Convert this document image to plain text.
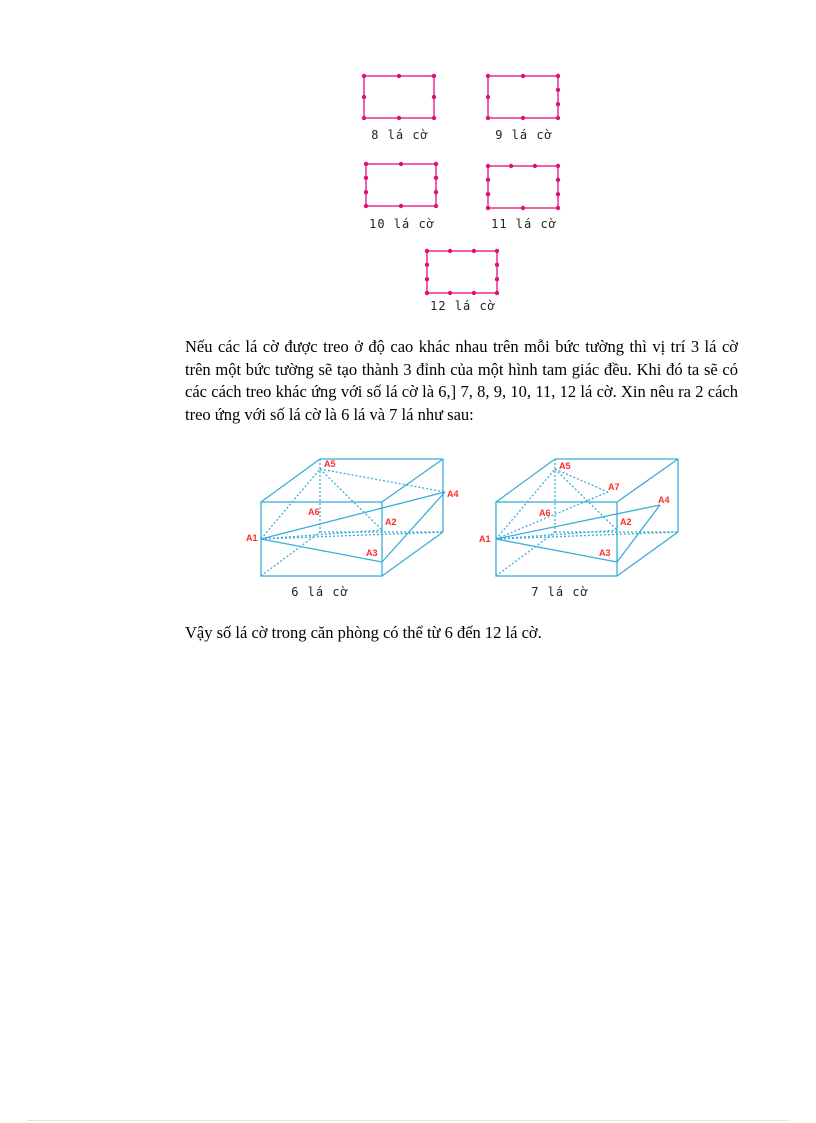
8 lá cờ	9 lá cờ
10 lá cờ	11 lá cờ
12 lá cờ
Nếu các lá cờ được treo ở độ cao khác nhau trên mỗi bức tường thì vị trí 3 lá cờ trên một bức tường sẽ tạo thành 3 đỉnh của một hình tam giác đều. Khi đó ta sẽ có các cách treo khác ứng với số lá cờ là 6,] 7, 8, 9, 10, 11, 12 lá cờ. Xin nêu ra 2 cách treo ứng với số lá cờ là 6 lá và 7 lá như sau:
A1
A2
A3
A4
A5
A6
6 lá cờ
A1
A2
A3
A4
A5
A6
A7
7 lá cờ
Vậy số lá cờ trong căn phòng có thể từ 6 đến 12 lá cờ.
